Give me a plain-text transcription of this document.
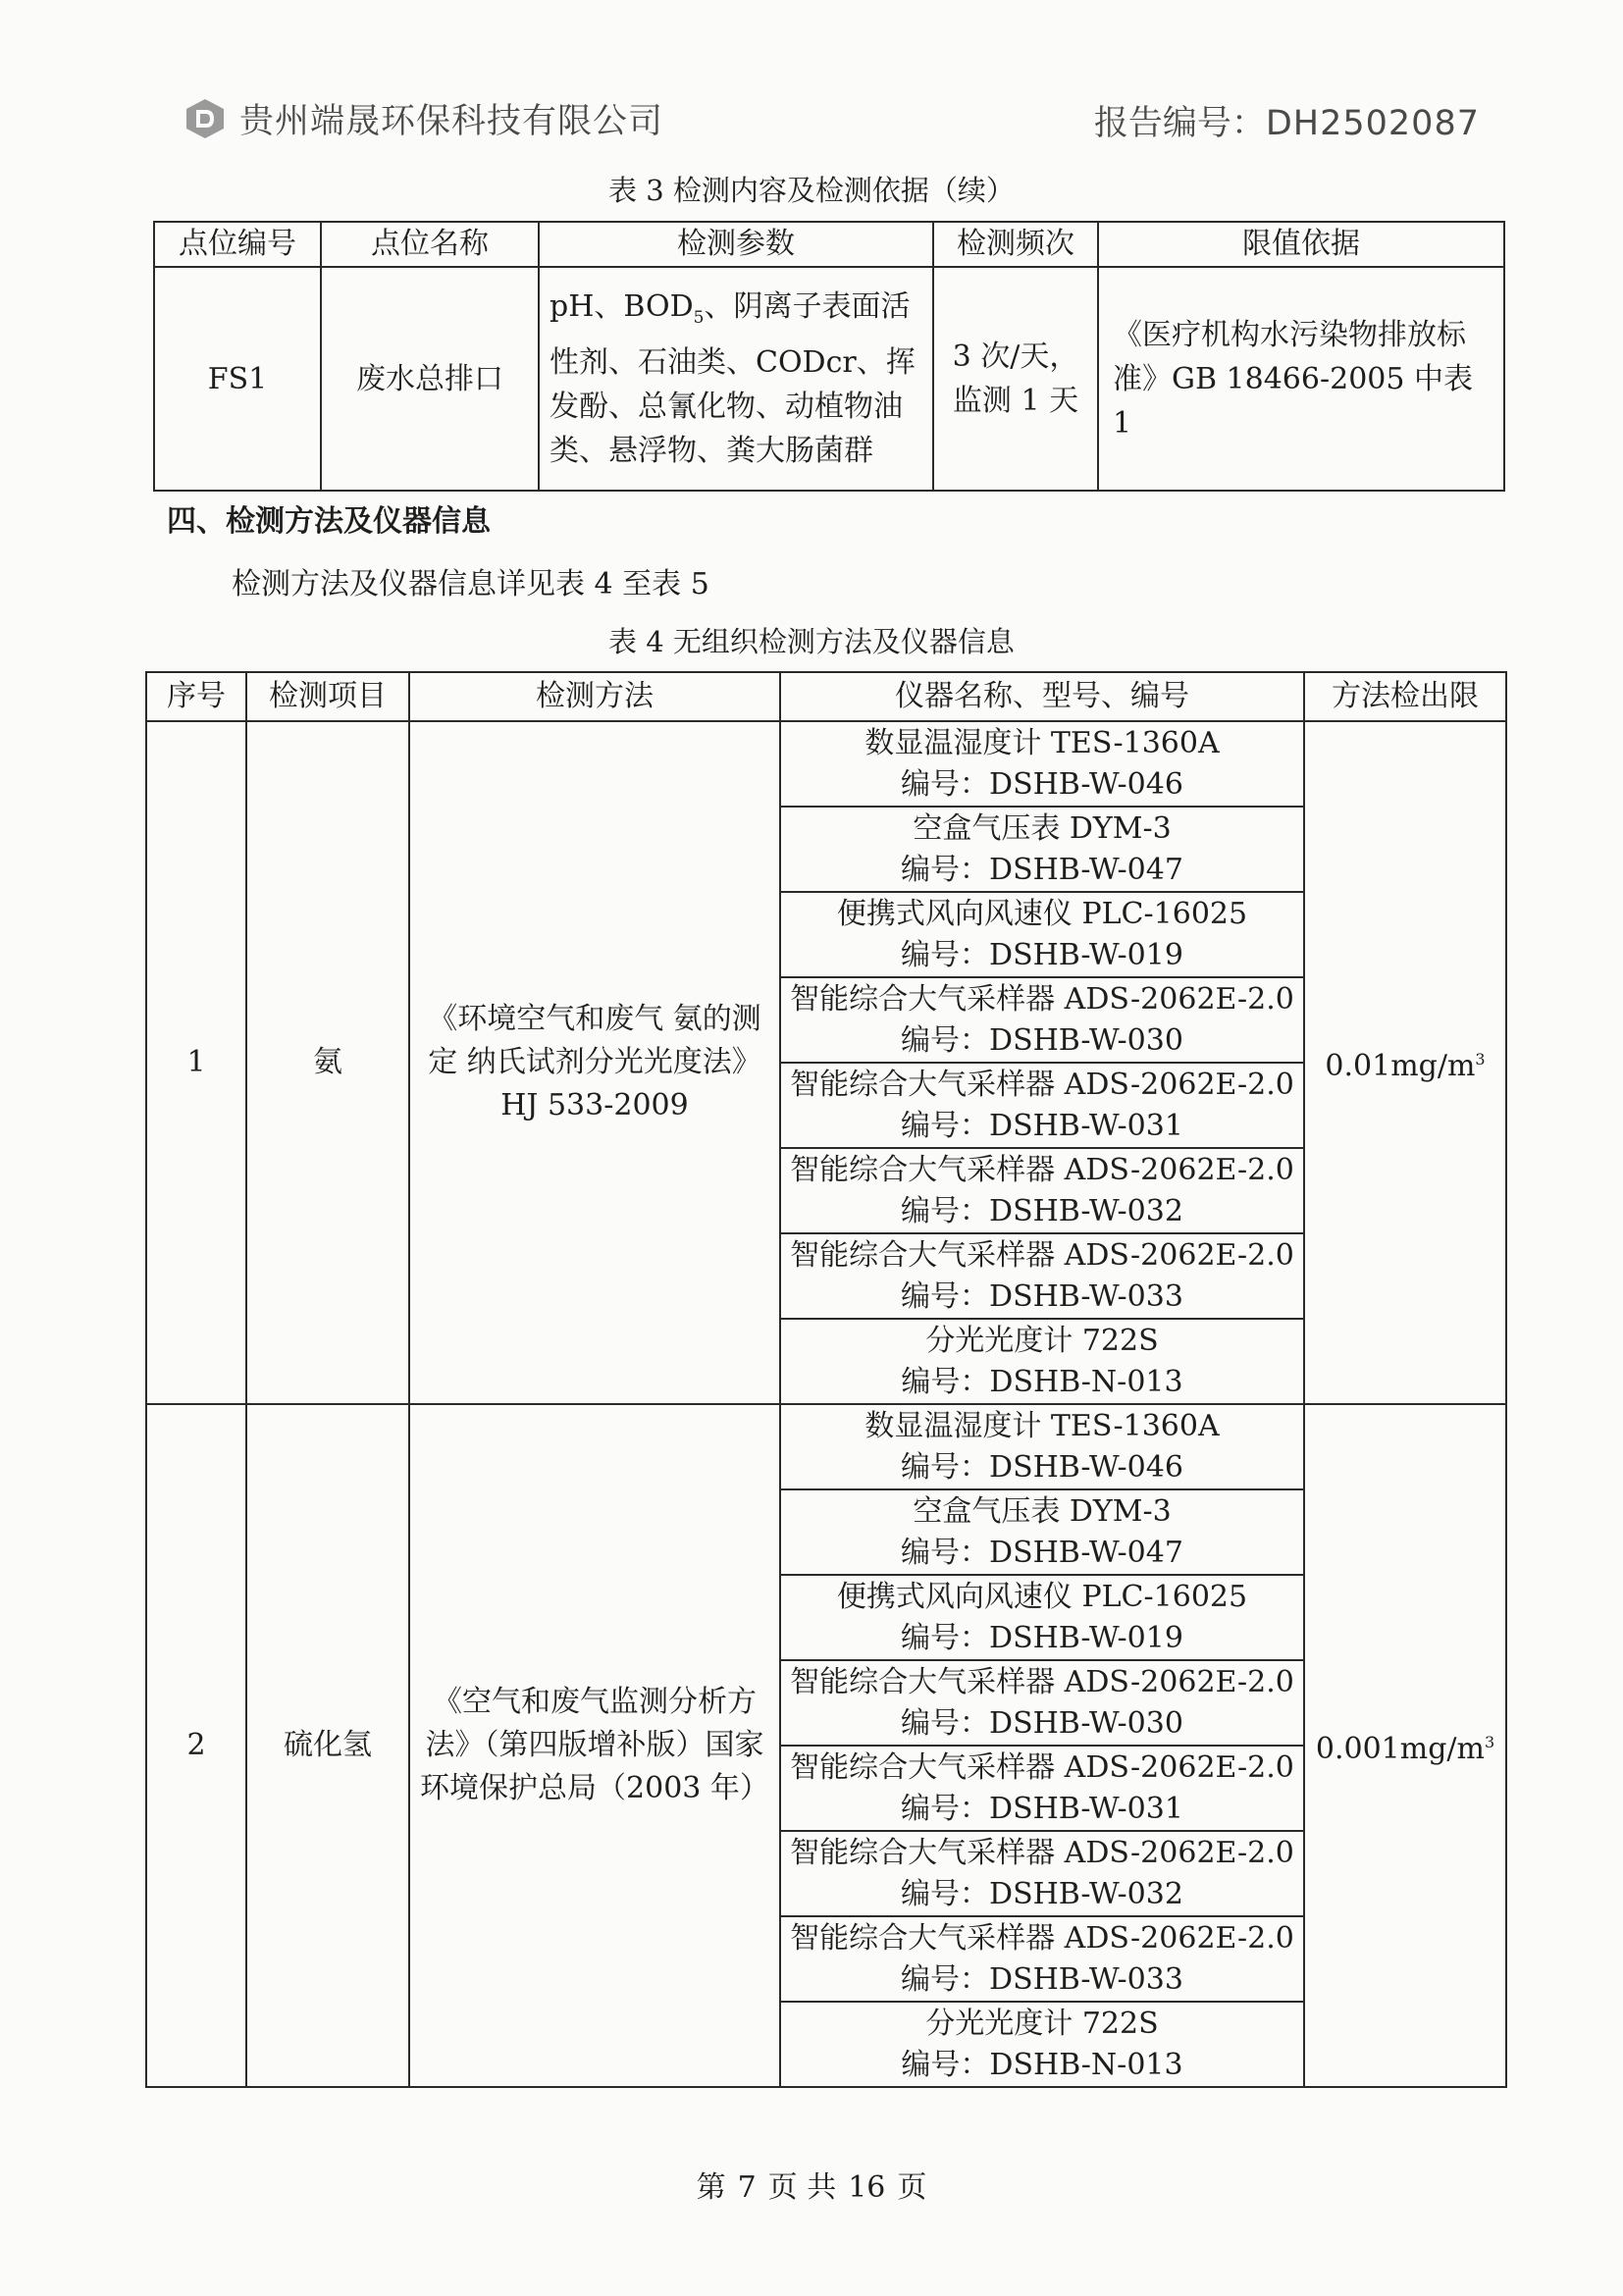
贵州端晟环保科技有限公司	报告编号：DH2502087
表 3 检测内容及检测依据（续）
点位编号	点位名称	检测参数	检测频次	限值依据
FS1	废水总排口	pH、$BOD_5$、阴离子表面活性剂、石油类、CODcr、挥发酚、总氰化物、动植物油类、悬浮物、粪大肠菌群	3 次/天，监测 1 天	《医疗机构水污染物排放标准》GB 18466-2005 中表 1
四、检测方法及仪器信息
检测方法及仪器信息详见表 4 至表 5
表 4 无组织检测方法及仪器信息
序号	检测项目	检测方法	仪器名称、型号、编号	方法检出限
1	氨	《环境空气和废气 氨的测定 纳氏试剂分光光度法》HJ 533-2009	数显温湿度计 TES-1360A
编号：DSHB-W-046	$0.01mg/m^3$

			空盒气压表 DYM-3
编号：DSHB-W-047	

			便携式风向风速仪 PLC-16025
编号：DSHB-W-019	

			智能综合大气采样器 ADS-2062E-2.0
编号：DSHB-W-030	

			智能综合大气采样器 ADS-2062E-2.0
编号：DSHB-W-031	

			智能综合大气采样器 ADS-2062E-2.0
编号：DSHB-W-032	

			智能综合大气采样器 ADS-2062E-2.0
编号：DSHB-W-033	

			分光光度计 722S
编号：DSHB-N-013	

2	硫化氢	《空气和废气监测分析方法》（第四版增补版）国家环境保护总局（2003 年）	数显温湿度计 TES-1360A
编号：DSHB-W-046	$0.001mg/m^3$

			空盒气压表 DYM-3
编号：DSHB-W-047	

			便携式风向风速仪 PLC-16025
编号：DSHB-W-019	

			智能综合大气采样器 ADS-2062E-2.0
编号：DSHB-W-030	

			智能综合大气采样器 ADS-2062E-2.0
编号：DSHB-W-031	

			智能综合大气采样器 ADS-2062E-2.0
编号：DSHB-W-032	

			智能综合大气采样器 ADS-2062E-2.0
编号：DSHB-W-033	

			分光光度计 722S
编号：DSHB-N-013	
第 7 页 共 16 页
